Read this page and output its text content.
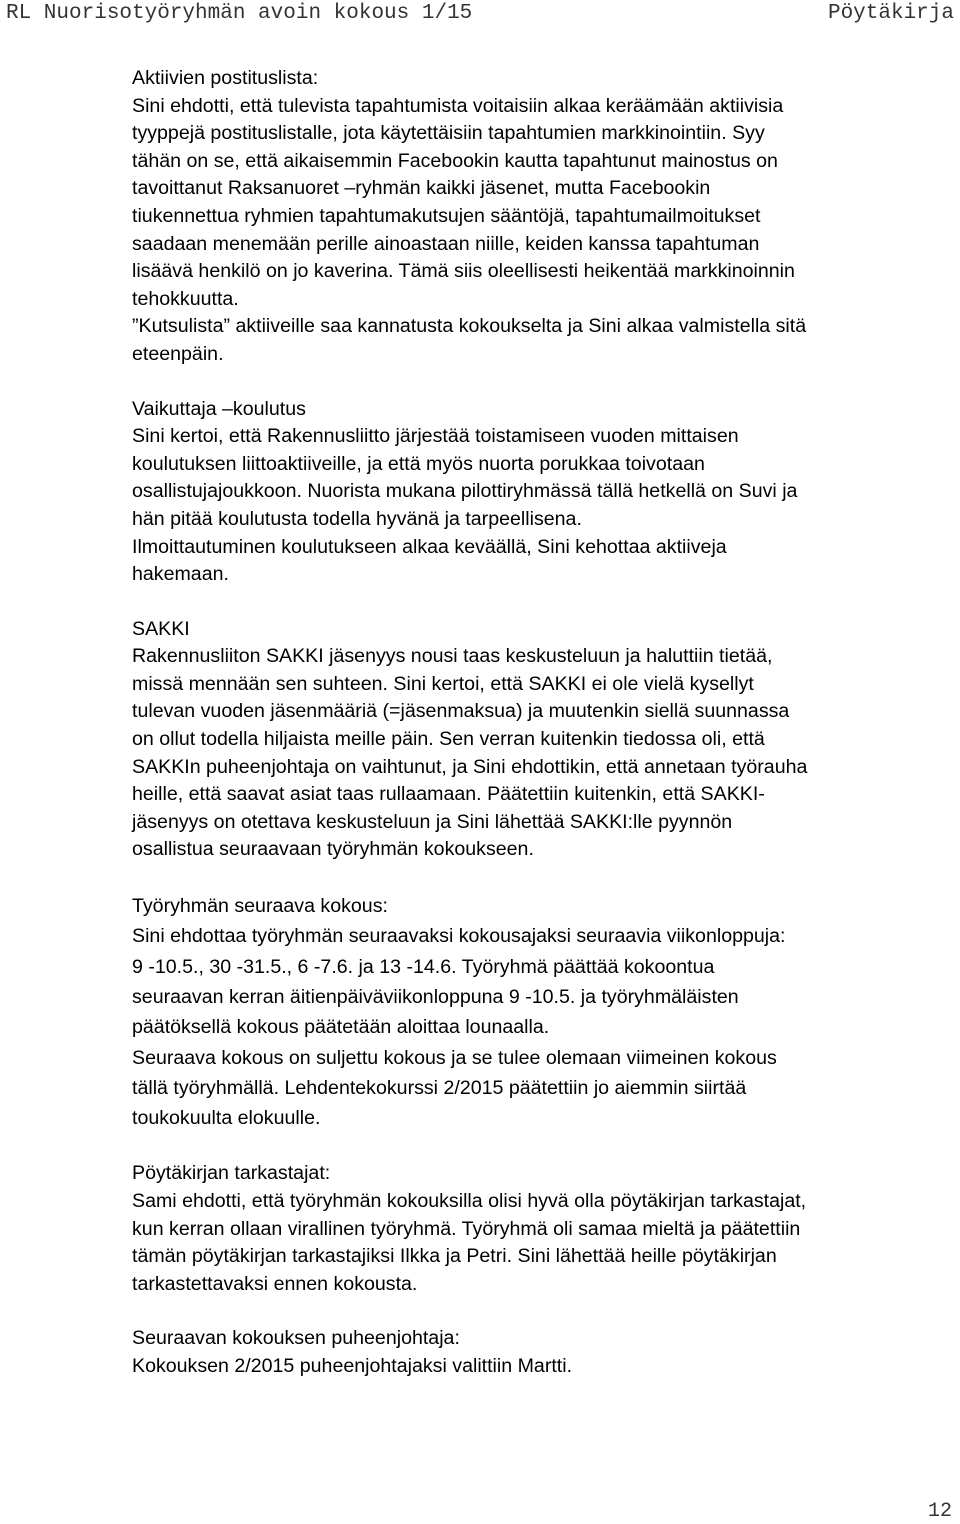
RL Nuorisotyöryhmän avoin kokous 1/15	Pöytäkirja

Aktiivien postituslista:

Sini ehdotti, että tulevista tapahtumista voitaisiin alkaa keräämään aktiivisia

tyyppejä postituslistalle, jota käytettäisiin tapahtumien markkinointiin. Syy

tähän on se, että aikaisemmin Facebookin kautta tapahtunut mainostus on

tavoittanut Raksanuoret –ryhmän kaikki jäsenet, mutta Facebookin

tiukennettua ryhmien tapahtumakutsujen sääntöjä, tapahtumailmoitukset

saadaan menemään perille ainoastaan niille, keiden kanssa tapahtuman

lisäävä henkilö on jo kaverina. Tämä siis oleellisesti heikentää markkinoinnin

tehokkuutta.

”Kutsulista” aktiiveille saa kannatusta kokoukselta ja Sini alkaa valmistella sitä

eteenpäin.

Vaikuttaja –koulutus

Sini kertoi, että Rakennusliitto järjestää toistamiseen vuoden mittaisen

koulutuksen liittoaktiiveille, ja että myös nuorta porukkaa toivotaan

osallistujajoukkoon. Nuorista mukana pilottiryhmässä tällä hetkellä on Suvi ja

hän pitää koulutusta todella hyvänä ja tarpeellisena.

Ilmoittautuminen koulutukseen alkaa keväällä, Sini kehottaa aktiiveja

hakemaan.

SAKKI

Rakennusliiton SAKKI jäsenyys nousi taas keskusteluun ja haluttiin tietää,

missä mennään sen suhteen. Sini kertoi, että SAKKI ei ole vielä kysellyt

tulevan vuoden jäsenmääriä (=jäsenmaksua) ja muutenkin siellä suunnassa

on ollut todella hiljaista meille päin. Sen verran kuitenkin tiedossa oli, että

SAKKIn puheenjohtaja on vaihtunut, ja Sini ehdottikin, että annetaan työrauha

heille, että saavat asiat taas rullaamaan. Päätettiin kuitenkin, että SAKKI-

jäsenyys on otettava keskusteluun ja Sini lähettää SAKKI:lle pyynnön

osallistua seuraavaan työryhmän kokoukseen.

Työryhmän seuraava kokous:

Sini ehdottaa työryhmän seuraavaksi kokousajaksi seuraavia viikonloppuja:

9 -10.5., 30 -31.5., 6 -7.6. ja 13 -14.6. Työryhmä päättää kokoontua

seuraavan kerran äitienpäiväviikonloppuna 9 -10.5. ja työryhmäläisten

päätöksellä kokous päätetään aloittaa lounaalla.

Seuraava kokous on suljettu kokous ja se tulee olemaan viimeinen kokous

tällä työryhmällä. Lehdentekokurssi 2/2015 päätettiin jo aiemmin siirtää

toukokuulta elokuulle.

Pöytäkirjan tarkastajat:

Sami ehdotti, että työryhmän kokouksilla olisi hyvä olla pöytäkirjan tarkastajat,

kun kerran ollaan virallinen työryhmä. Työryhmä oli samaa mieltä ja päätettiin

tämän pöytäkirjan tarkastajiksi Ilkka ja Petri. Sini lähettää heille pöytäkirjan

tarkastettavaksi ennen kokousta.

Seuraavan kokouksen puheenjohtaja:

Kokouksen 2/2015 puheenjohtajaksi valittiin Martti.

12
